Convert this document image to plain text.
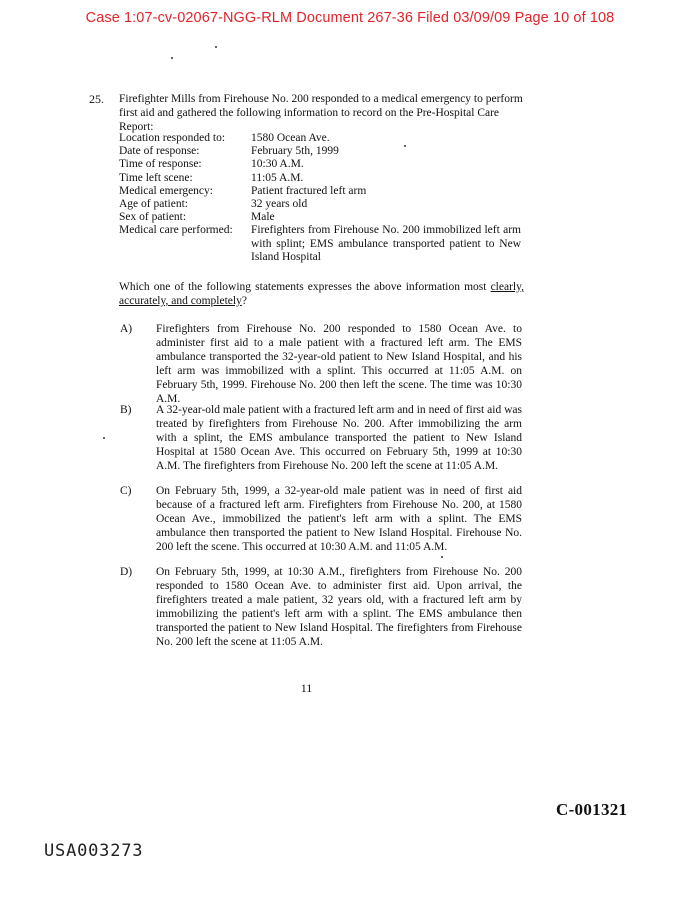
Case 1:07-cv-02067-NGG-RLM Document 267-36 Filed 03/09/09 Page 10 of 108
25. Firefighter Mills from Firehouse No. 200 responded to a medical emergency to perform first aid and gathered the following information to record on the Pre-Hospital Care Report:
Location responded to:	1580 Ocean Ave.
Date of response:	February 5th, 1999
Time of response:	10:30 A.M.
Time left scene:	11:05 A.M.
Medical emergency:	Patient fractured left arm
Age of patient:	32 years old
Sex of patient:	Male
Medical care performed:	Firefighters from Firehouse No. 200 immobilized left arm with splint; EMS ambulance transported patient to New Island Hospital
Which one of the following statements expresses the above information most clearly, accurately, and completely?
A)	Firefighters from Firehouse No. 200 responded to 1580 Ocean Ave. to administer first aid to a male patient with a fractured left arm. The EMS ambulance transported the 32-year-old patient to New Island Hospital, and his left arm was immobilized with a splint. This occurred at 11:05 A.M. on February 5th, 1999. Firehouse No. 200 then left the scene. The time was 10:30 A.M.
B)	A 32-year-old male patient with a fractured left arm and in need of first aid was treated by firefighters from Firehouse No. 200. After immobilizing the arm with a splint, the EMS ambulance transported the patient to New Island Hospital at 1580 Ocean Ave. This occurred on February 5th, 1999 at 10:30 A.M. The firefighters from Firehouse No. 200 left the scene at 11:05 A.M.
C)	On February 5th, 1999, a 32-year-old male patient was in need of first aid because of a fractured left arm. Firefighters from Firehouse No. 200, at 1580 Ocean Ave., immobilized the patient's left arm with a splint. The EMS ambulance then transported the patient to New Island Hospital. Firehouse No. 200 left the scene. This occurred at 10:30 A.M. and 11:05 A.M.
D)	On February 5th, 1999, at 10:30 A.M., firefighters from Firehouse No. 200 responded to 1580 Ocean Ave. to administer first aid. Upon arrival, the firefighters treated a male patient, 32 years old, with a fractured left arm by immobilizing the patient's left arm with a splint. The EMS ambulance then transported the patient to New Island Hospital. The firefighters from Firehouse No. 200 left the scene at 11:05 A.M.
11
C-001321
USA003273
